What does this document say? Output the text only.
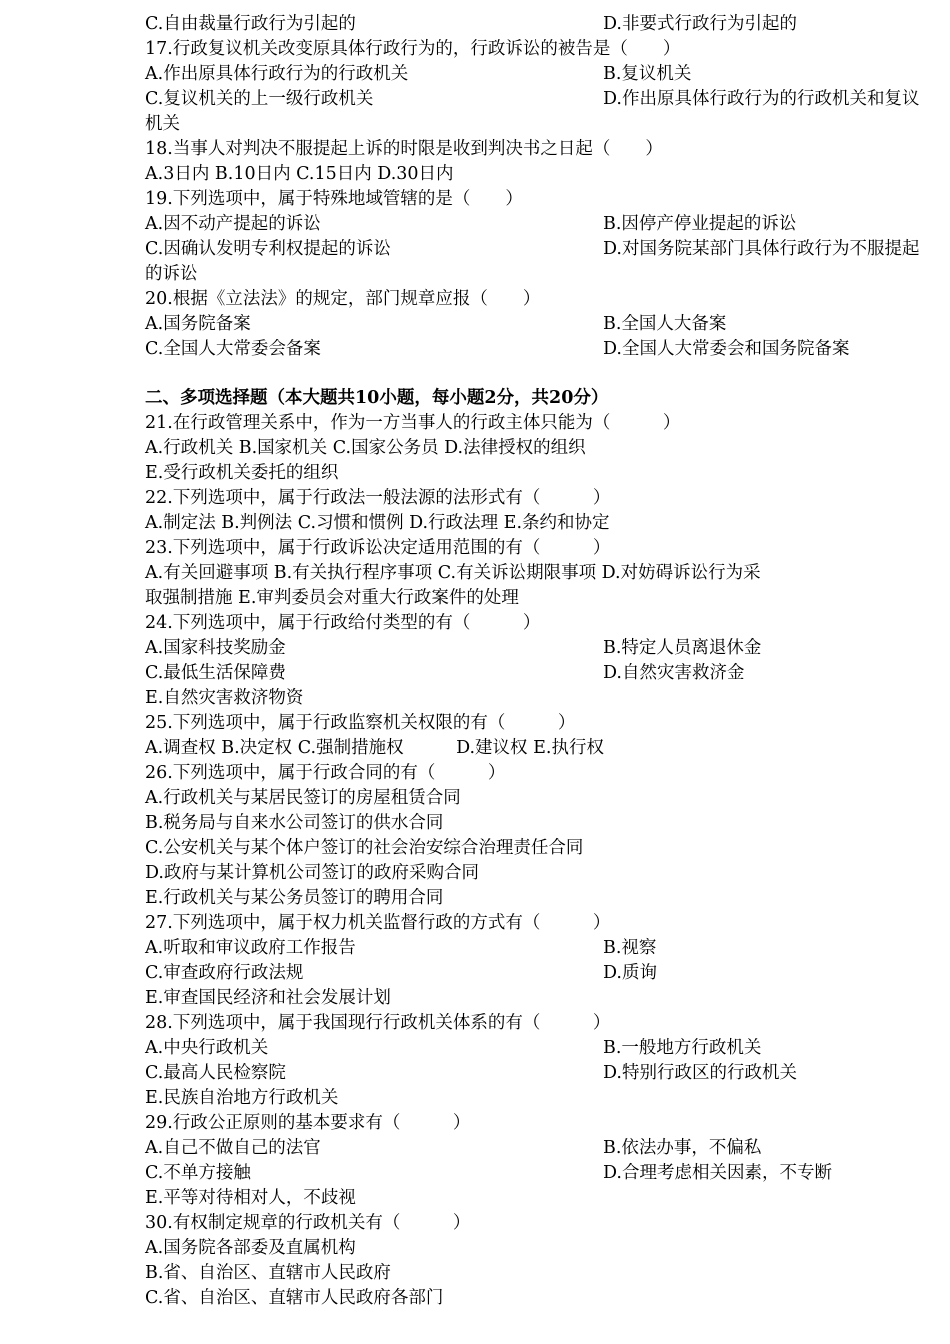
C.自由裁量行政行为引起的	D.非要式行政行为引起的
17.行政复议机关改变原具体行政行为的，行政诉讼的被告是（　　）
A.作出原具体行政行为的行政机关	B.复议机关
C.复议机关的上一级行政机关	D.作出原具体行政行为的行政机关和复议
机关
18.当事人对判决不服提起上诉的时限是收到判决书之日起（　　）
A.3日内 B.10日内 C.15日内 D.30日内
19.下列选项中，属于特殊地域管辖的是（　　）
A.因不动产提起的诉讼	B.因停产停业提起的诉讼
C.因确认发明专利权提起的诉讼	D.对国务院某部门具体行政行为不服提起
的诉讼
20.根据《立法法》的规定，部门规章应报（　　）
A.国务院备案	B.全国人大备案
C.全国人大常委会备案	D.全国人大常委会和国务院备案
二、多项选择题（本大题共10小题，每小题2分，共20分）
21.在行政管理关系中，作为一方当事人的行政主体只能为（　　　）
A.行政机关 B.国家机关 C.国家公务员 D.法律授权的组织
E.受行政机关委托的组织
22.下列选项中，属于行政法一般法源的法形式有（　　　）
A.制定法 B.判例法 C.习惯和惯例 D.行政法理 E.条约和协定
23.下列选项中，属于行政诉讼决定适用范围的有（　　　）
A.有关回避事项 B.有关执行程序事项 C.有关诉讼期限事项 D.对妨碍诉讼行为采
取强制措施 E.审判委员会对重大行政案件的处理
24.下列选项中，属于行政给付类型的有（　　　）
A.国家科技奖励金	B.特定人员离退休金
C.最低生活保障费	D.自然灾害救济金
E.自然灾害救济物资
25.下列选项中，属于行政监察机关权限的有（　　　）
A.调查权 B.决定权 C.强制措施权　　　D.建议权 E.执行权
26.下列选项中，属于行政合同的有（　　　）
A.行政机关与某居民签订的房屋租赁合同
B.税务局与自来水公司签订的供水合同
C.公安机关与某个体户签订的社会治安综合治理责任合同
D.政府与某计算机公司签订的政府采购合同
E.行政机关与某公务员签订的聘用合同
27.下列选项中，属于权力机关监督行政的方式有（　　　）
A.听取和审议政府工作报告	B.视察
C.审查政府行政法规	D.质询
E.审查国民经济和社会发展计划
28.下列选项中，属于我国现行行政机关体系的有（　　　）
A.中央行政机关	B.一般地方行政机关
C.最高人民检察院	D.特别行政区的行政机关
E.民族自治地方行政机关
29.行政公正原则的基本要求有（　　　）
A.自己不做自己的法官	B.依法办事，不偏私
C.不单方接触	D.合理考虑相关因素，不专断
E.平等对待相对人，不歧视
30.有权制定规章的行政机关有（　　　）
A.国务院各部委及直属机构
B.省、自治区、直辖市人民政府
C.省、自治区、直辖市人民政府各部门
